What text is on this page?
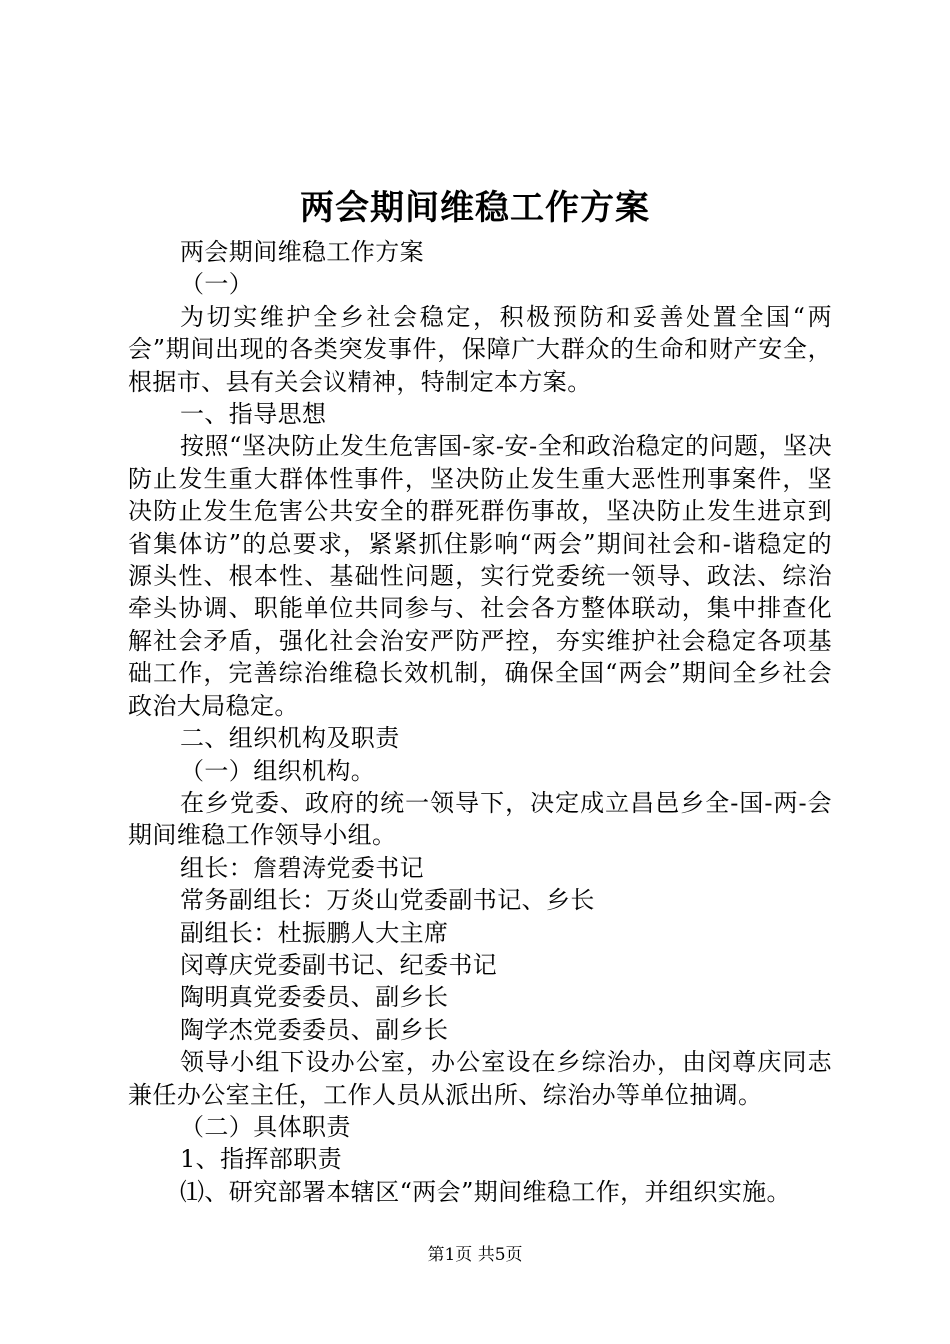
两会期间维稳工作方案

两会期间维稳工作方案

（一）

为切实维护全乡社会稳定，积极预防和妥善处置全国“两会”期间出现的各类突发事件，保障广大群众的生命和财产安全，根据市、县有关会议精神，特制定本方案。

一、指导思想

按照“坚决防止发生危害国-家-安-全和政治稳定的问题，坚决防止发生重大群体性事件，坚决防止发生重大恶性刑事案件，坚决防止发生危害公共安全的群死群伤事故，坚决防止发生进京到省集体访”的总要求，紧紧抓住影响“两会”期间社会和-谐稳定的源头性、根本性、基础性问题，实行党委统一领导、政法、综治牵头协调、职能单位共同参与、社会各方整体联动，集中排查化解社会矛盾，强化社会治安严防严控，夯实维护社会稳定各项基础工作，完善综治维稳长效机制，确保全国“两会”期间全乡社会政治大局稳定。

二、组织机构及职责

（一）组织机构。

在乡党委、政府的统一领导下，决定成立昌邑乡全-国-两-会期间维稳工作领导小组。

组长：詹碧涛党委书记

常务副组长：万炎山党委副书记、乡长

副组长：杜振鹏人大主席

闵尊庆党委副书记、纪委书记

陶明真党委委员、副乡长

陶学杰党委委员、副乡长

领导小组下设办公室，办公室设在乡综治办，由闵尊庆同志兼任办公室主任，工作人员从派出所、综治办等单位抽调。

（二）具体职责

1、指挥部职责

⑴、研究部署本辖区“两会”期间维稳工作，并组织实施。

第1页 共5页
